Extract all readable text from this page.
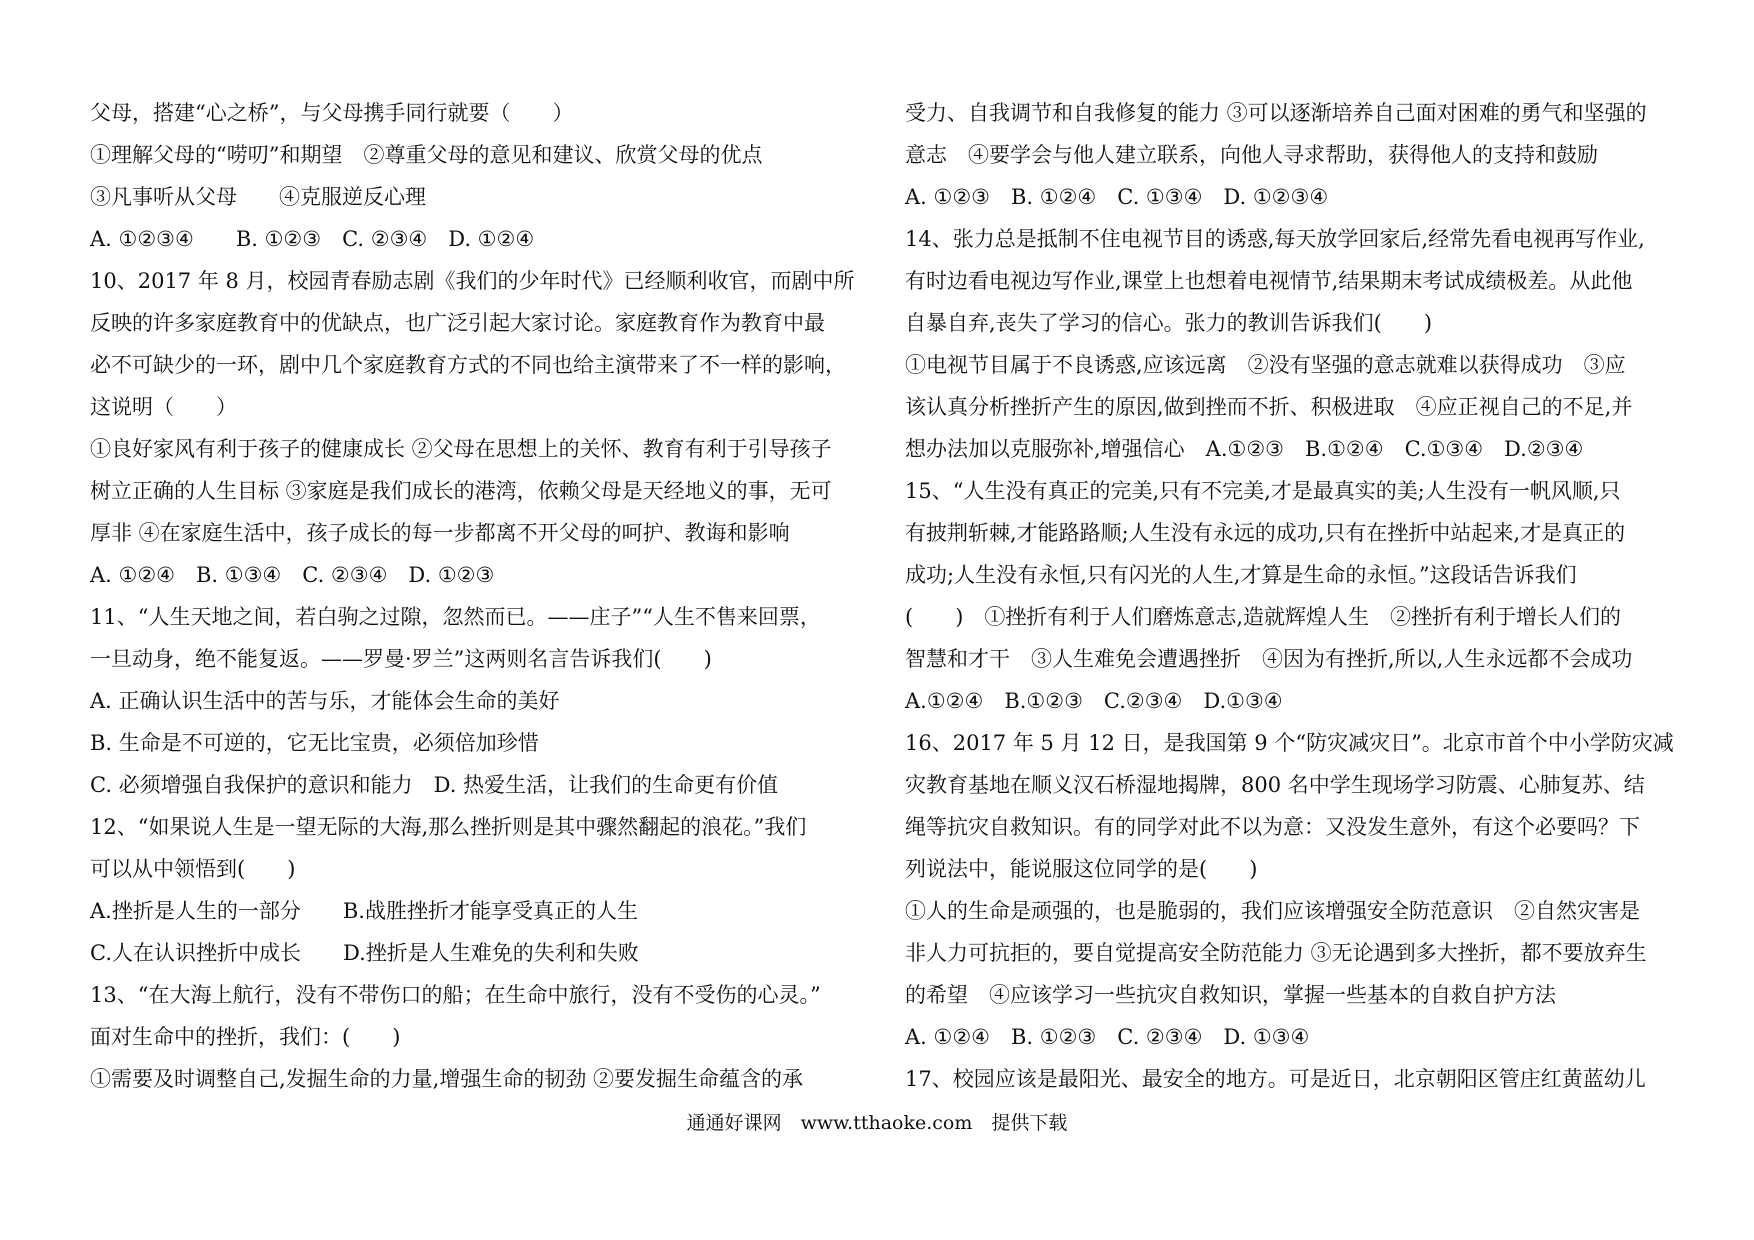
父母，搭建“心之桥”，与父母携手同行就要（　　）
①理解父母的“唠叨”和期望　②尊重父母的意见和建议、欣赏父母的优点
③凡事听从父母　　④克服逆反心理
A. ①②③④　　B. ①②③　C. ②③④　D. ①②④
10、2017 年 8 月，校园青春励志剧《我们的少年时代》已经顺利收官，而剧中所
反映的许多家庭教育中的优缺点，也广泛引起大家讨论。家庭教育作为教育中最
必不可缺少的一环，剧中几个家庭教育方式的不同也给主演带来了不一样的影响，
这说明（　　）
①良好家风有利于孩子的健康成长 ②父母在思想上的关怀、教育有利于引导孩子
树立正确的人生目标 ③家庭是我们成长的港湾，依赖父母是天经地义的事，无可
厚非 ④在家庭生活中，孩子成长的每一步都离不开父母的呵护、教诲和影响
A. ①②④　B. ①③④　C. ②③④　D. ①②③
11、“人生天地之间，若白驹之过隙，忽然而已。——庄子”“人生不售来回票，
一旦动身，绝不能复返。——罗曼·罗兰”这两则名言告诉我们(　　)
A. 正确认识生活中的苦与乐，才能体会生命的美好
B. 生命是不可逆的，它无比宝贵，必须倍加珍惜
C. 必须增强自我保护的意识和能力　D. 热爱生活，让我们的生命更有价值
12、“如果说人生是一望无际的大海,那么挫折则是其中骤然翻起的浪花。”我们
可以从中领悟到(　　)
A.挫折是人生的一部分　　B.战胜挫折才能享受真正的人生
C.人在认识挫折中成长　　D.挫折是人生难免的失利和失败
13、“在大海上航行，没有不带伤口的船；在生命中旅行，没有不受伤的心灵。”
面对生命中的挫折，我们：(　　)
①需要及时调整自己,发掘生命的力量,增强生命的韧劲 ②要发掘生命蕴含的承
受力、自我调节和自我修复的能力 ③可以逐渐培养自己面对困难的勇气和坚强的
意志　④要学会与他人建立联系，向他人寻求帮助，获得他人的支持和鼓励
A. ①②③　B. ①②④　C. ①③④　D. ①②③④
14、张力总是抵制不住电视节目的诱惑,每天放学回家后,经常先看电视再写作业,
有时边看电视边写作业,课堂上也想着电视情节,结果期末考试成绩极差。从此他
自暴自弃,丧失了学习的信心。张力的教训告诉我们(　　)
①电视节目属于不良诱惑,应该远离　②没有坚强的意志就难以获得成功　③应
该认真分析挫折产生的原因,做到挫而不折、积极进取　④应正视自己的不足,并
想办法加以克服弥补,增强信心　A.①②③　B.①②④　C.①③④　D.②③④
15、“人生没有真正的完美,只有不完美,才是最真实的美;人生没有一帆风顺,只
有披荆斩棘,才能路路顺;人生没有永远的成功,只有在挫折中站起来,才是真正的
成功;人生没有永恒,只有闪光的人生,才算是生命的永恒。”这段话告诉我们
(　　)　①挫折有利于人们磨炼意志,造就辉煌人生　②挫折有利于增长人们的
智慧和才干　③人生难免会遭遇挫折　④因为有挫折,所以,人生永远都不会成功
A.①②④　B.①②③　C.②③④　D.①③④
16、2017 年 5 月 12 日，是我国第 9 个“防灾减灾日”。北京市首个中小学防灾减
灾教育基地在顺义汉石桥湿地揭牌，800 名中学生现场学习防震、心肺复苏、结
绳等抗灾自救知识。有的同学对此不以为意：又没发生意外，有这个必要吗？下
列说法中，能说服这位同学的是(　　)
①人的生命是顽强的，也是脆弱的，我们应该增强安全防范意识　②自然灾害是
非人力可抗拒的，要自觉提高安全防范能力 ③无论遇到多大挫折，都不要放弃生
的希望　④应该学习一些抗灾自救知识，掌握一些基本的自救自护方法
A. ①②④　B. ①②③　C. ②③④　D. ①③④
17、校园应该是最阳光、最安全的地方。可是近日，北京朝阳区管庄红黄蓝幼儿
通通好课网　www.tthaoke.com　提供下载
